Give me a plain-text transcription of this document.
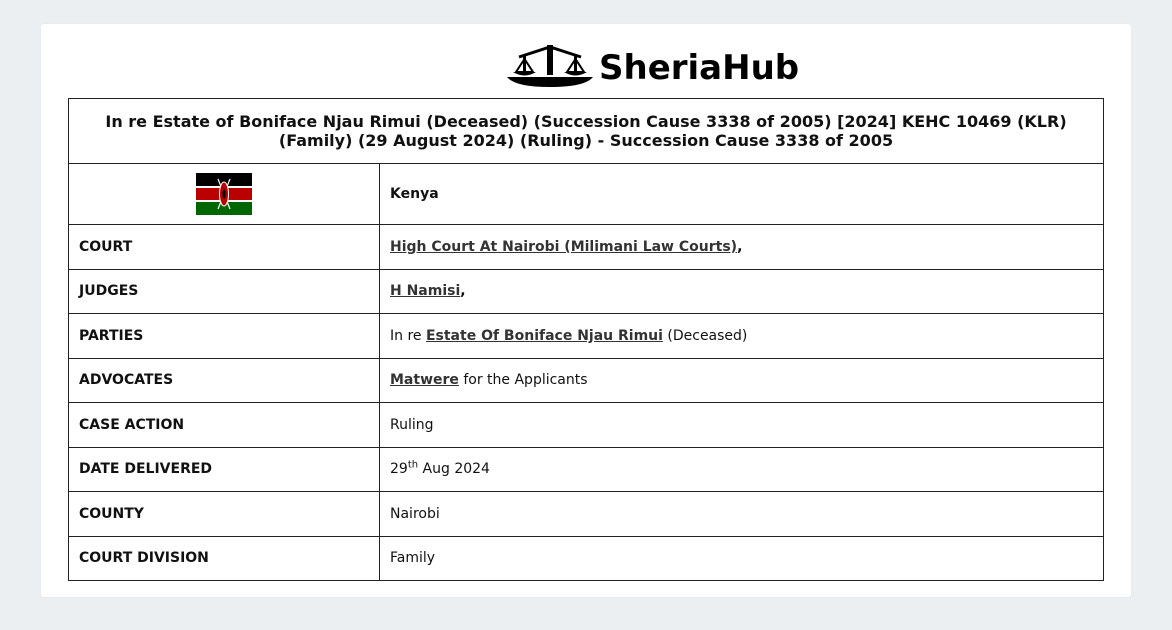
SheriaHub
In re Estate of Boniface Njau Rimui (Deceased) (Succession Cause 3338 of 2005) [2024] KEHC 10469 (KLR) (Family) (29 August 2024) (Ruling) - Succession Cause 3338 of 2005	
	Kenya
COURT	High Court At Nairobi (Milimani Law Courts),
JUDGES	H Namisi,
PARTIES	In re Estate Of Boniface Njau Rimui (Deceased)
ADVOCATES	Matwere for the Applicants
CASE ACTION	Ruling
DATE DELIVERED	29th Aug 2024
COUNTY	Nairobi
COURT DIVISION	Family
